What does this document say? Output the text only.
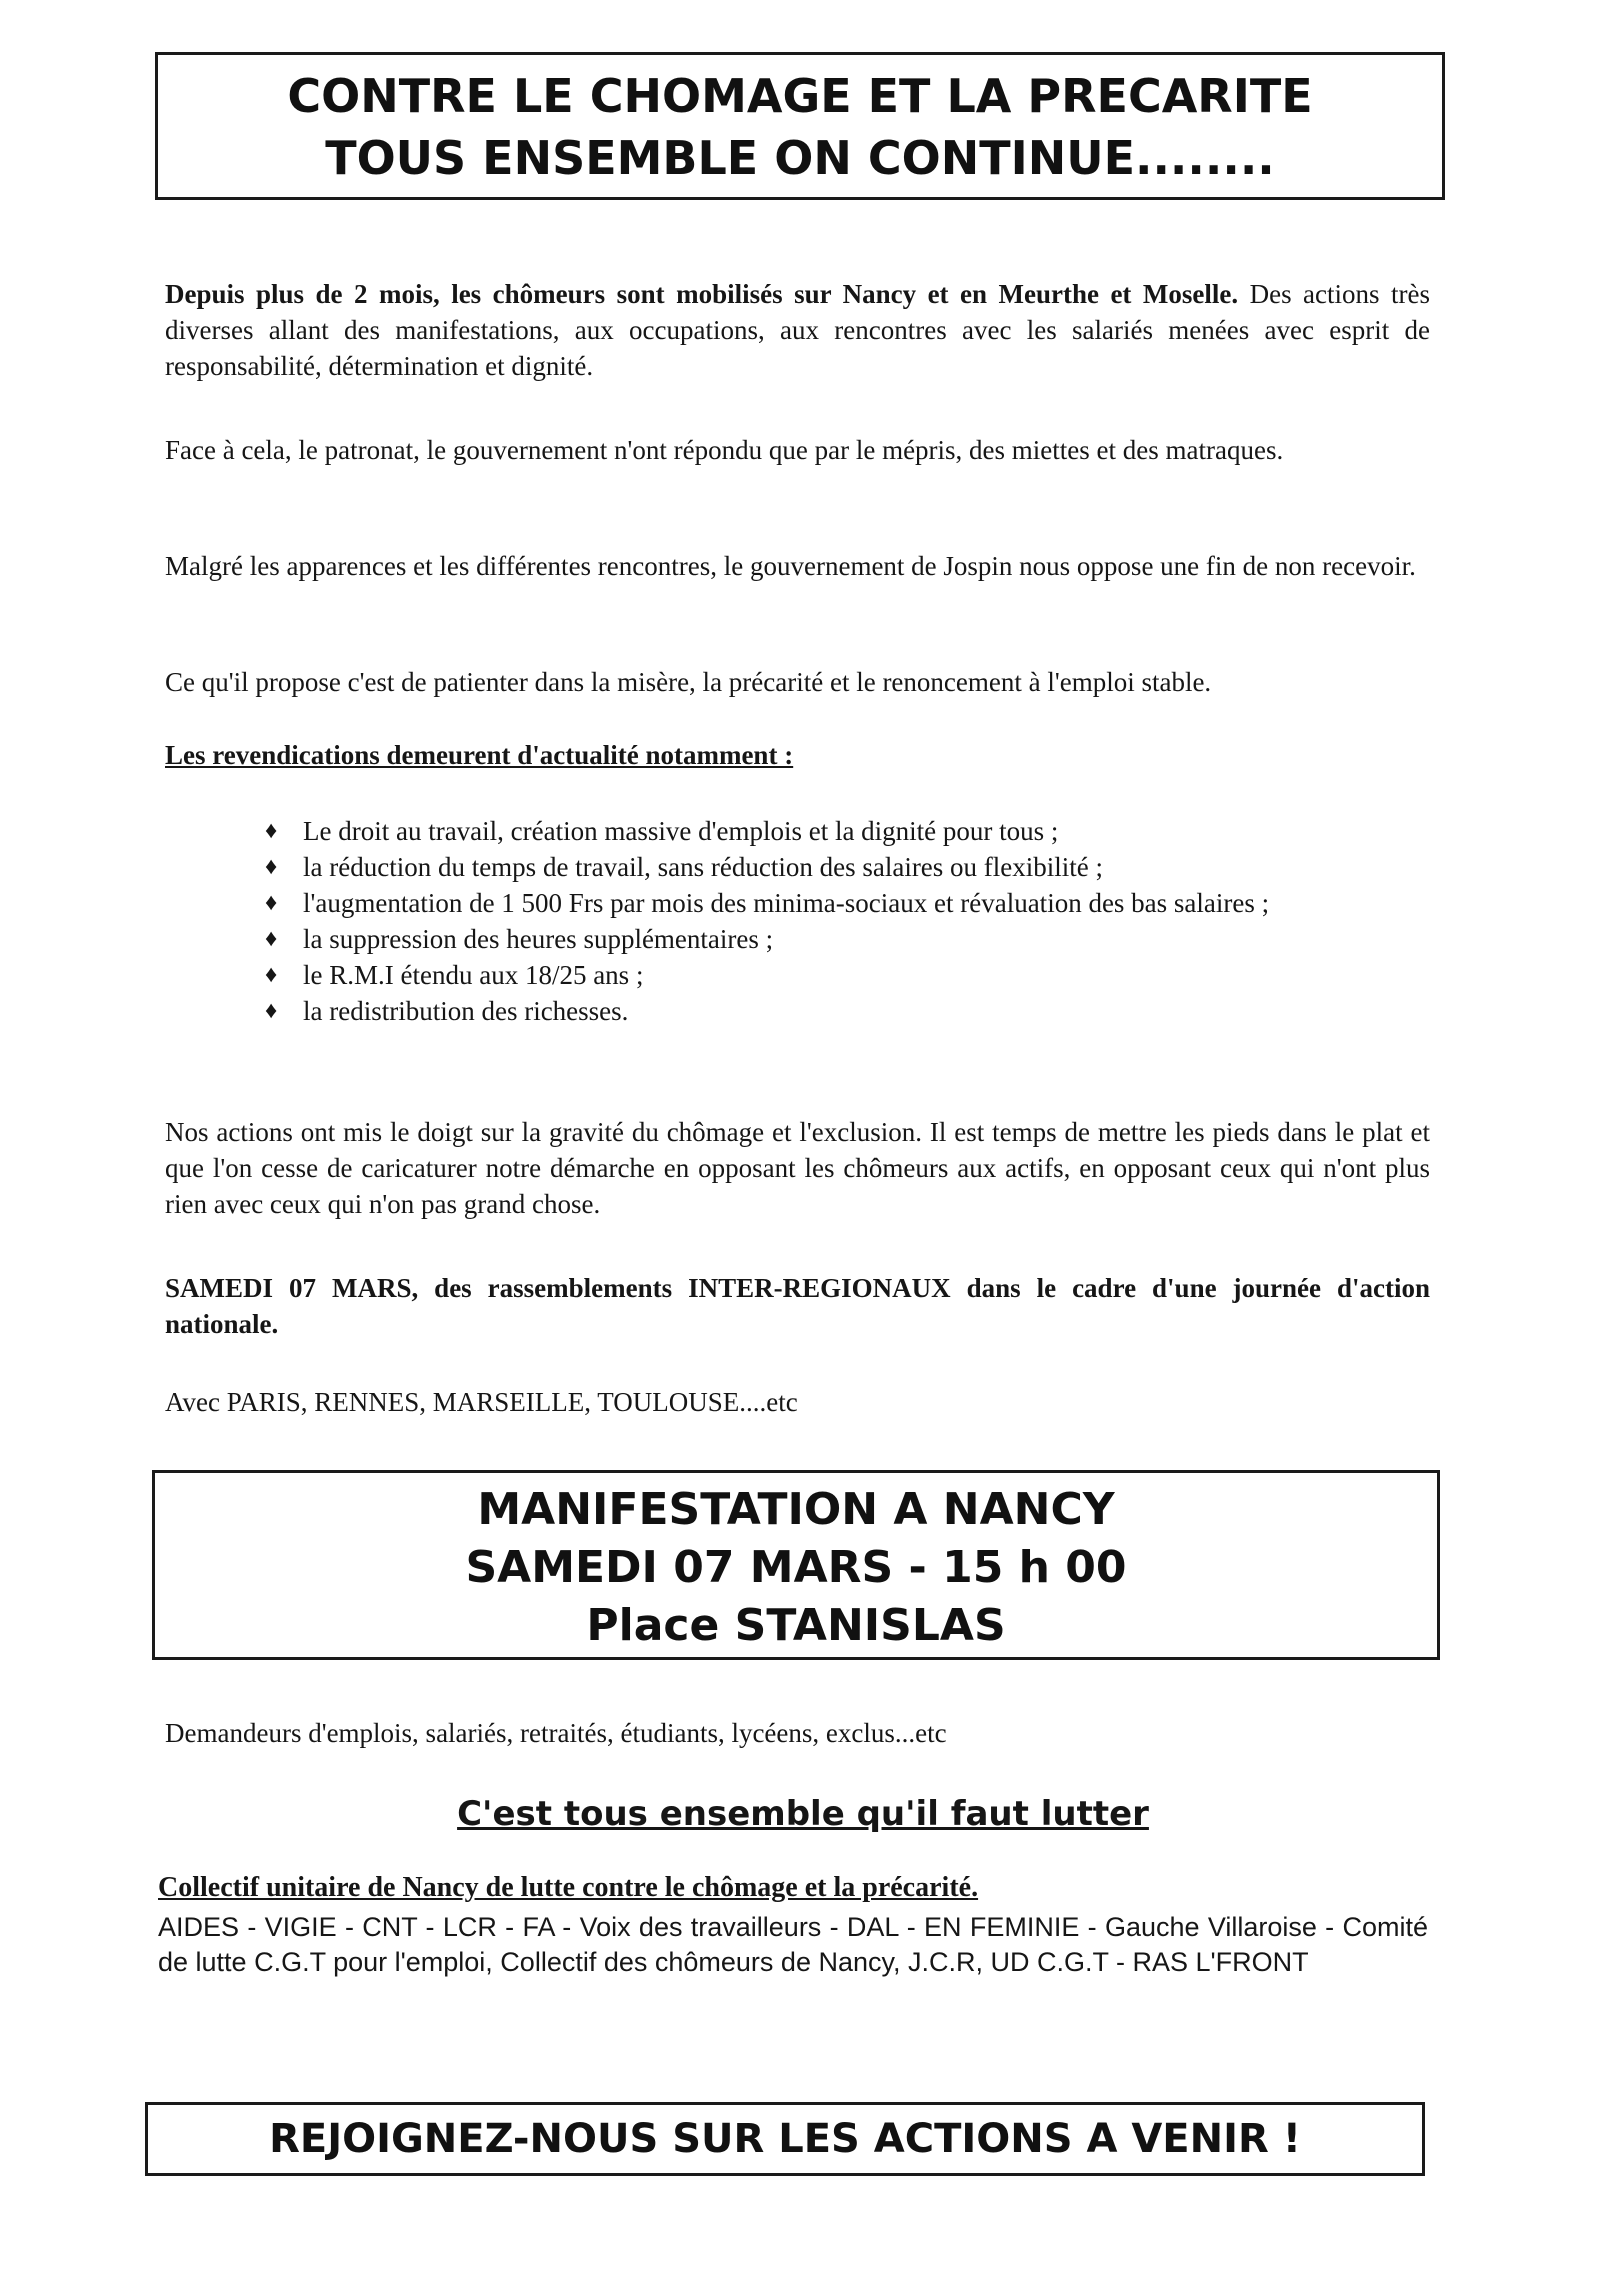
CONTRE LE CHOMAGE ET LA PRECARITE
TOUS ENSEMBLE ON CONTINUE........

Depuis plus de 2 mois, les chômeurs sont mobilisés sur Nancy et en Meurthe et Moselle. Des actions très diverses allant des manifestations, aux occupations, aux rencontres avec les salariés menées avec esprit de responsabilité, détermination et dignité.

Face à cela, le patronat, le gouvernement n'ont répondu que par le mépris, des miettes et des matraques.

Malgré les apparences et les différentes rencontres, le gouvernement de Jospin nous oppose une fin de non recevoir.

Ce qu'il propose c'est de patienter dans la misère, la précarité et le renoncement à l'emploi stable.

Les revendications demeurent d'actualité notamment :
♦ Le droit au travail, création massive d'emplois et la dignité pour tous ;
♦ la réduction du temps de travail, sans réduction des salaires ou flexibilité ;
♦ l'augmentation de 1 500 Frs par mois des minima-sociaux et révaluation des bas salaires ;
♦ la suppression des heures supplémentaires ;
♦ le R.M.I étendu aux 18/25 ans ;
♦ la redistribution des richesses.

Nos actions ont mis le doigt sur la gravité du chômage et l'exclusion. Il est temps de mettre les pieds dans le plat et que l'on cesse de caricaturer notre démarche en opposant les chômeurs aux actifs, en opposant ceux qui n'ont plus rien avec ceux qui n'on pas grand chose.

SAMEDI 07 MARS, des rassemblements INTER-REGIONAUX dans le cadre d'une journée d'action nationale.

Avec PARIS, RENNES, MARSEILLE, TOULOUSE....etc

MANIFESTATION A NANCY
SAMEDI 07 MARS - 15 h 00
Place STANISLAS

Demandeurs d'emplois, salariés, retraités, étudiants, lycéens, exclus...etc

C'est tous ensemble qu'il faut lutter
Collectif unitaire de Nancy de lutte contre le chômage et la précarité.

AIDES - VIGIE - CNT - LCR - FA - Voix des travailleurs - DAL - EN FEMINIE - Gauche Villaroise - Comité de lutte C.G.T pour l'emploi, Collectif des chômeurs de Nancy, J.C.R, UD C.G.T - RAS L'FRONT

REJOIGNEZ-NOUS SUR LES ACTIONS A VENIR !
